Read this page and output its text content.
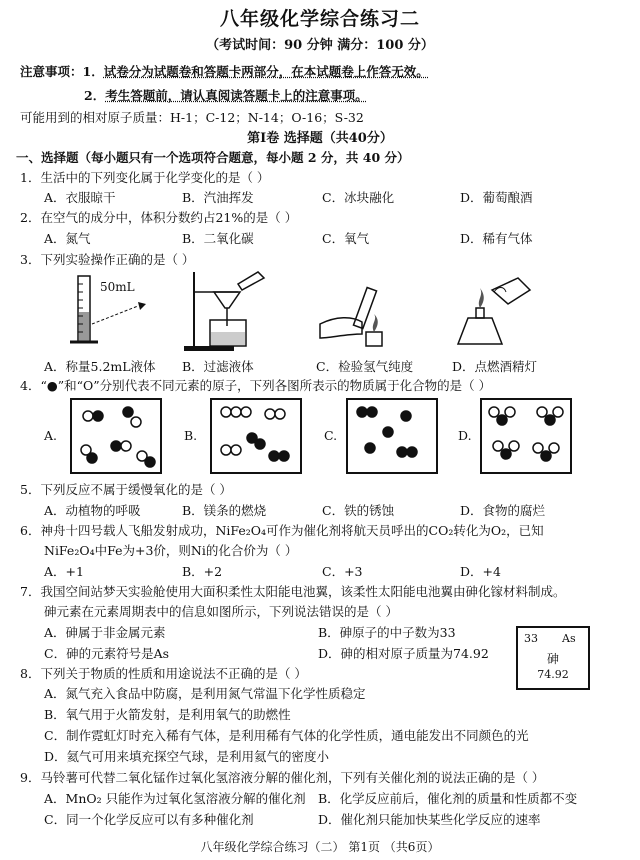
八年级化学综合练习二
（考试时间：90 分钟 满分：100 分）
注意事项：1．试卷分为试题卷和答题卡两部分，在本试题卷上作答无效。
2．考生答题前，请认真阅读答题卡上的注意事项。
可能用到的相对原子质量：H-1；C-12；N-14；O-16；S-32
第Ⅰ卷 选择题（共40分）
一、选择题（每小题只有一个选项符合题意，每小题 2 分，共 40 分）
1．生活中的下列变化属于化学变化的是（ ）
A．衣服晾干	B．汽油挥发	C．冰块融化	D．葡萄酿酒
2．在空气的成分中，体积分数约占21%的是（ ）
A．氮气	B．二氧化碳	C．氧气	D．稀有气体
3．下列实验操作正确的是（ ）
50mL
A．称量5.2mL液体 B．过滤液体	C．检验氢气纯度	D．点燃酒精灯
4．“●”和“O”分别代表不同元素的原子，下列各图所表示的物质属于化合物的是（ ）
A.	B.	C.	D.
5．下列反应不属于缓慢氧化的是（ ）
A．动植物的呼吸	B．镁条的燃烧	C．铁的锈蚀	D．食物的腐烂
6．神舟十四号载人飞船发射成功，NiFe₂O₄可作为催化剂将航天员呼出的CO₂转化为O₂，已知
NiFe₂O₄中Fe为+3价，则Ni的化合价为（ ）
A．+1	B．+2	C．+3	D．+4
7．我国空间站梦天实验舱使用大面积柔性太阳能电池翼，该柔性太阳能电池翼由砷化镓材料制成。
砷元素在元素周期表中的信息如图所示，下列说法错误的是（ ）
A．砷属于非金属元素	B．砷原子的中子数为33
C．砷的元素符号是As	D．砷的相对原子质量为74.92
33 As
砷
74.92
8．下列关于物质的性质和用途说法不正确的是（ ）
A．氮气充入食品中防腐，是利用氮气常温下化学性质稳定
B．氧气用于火箭发射，是利用氧气的助燃性
C．制作霓虹灯时充入稀有气体，是利用稀有气体的化学性质，通电能发出不同颜色的光
D．氦气可用来填充探空气球，是利用氦气的密度小
9．马铃薯可代替二氧化锰作过氧化氢溶液分解的催化剂，下列有关催化剂的说法正确的是（ ）
A．MnO₂ 只能作为过氧化氢溶液分解的催化剂 B．化学反应前后，催化剂的质量和性质都不变
C．同一个化学反应可以有多种催化剂	D．催化剂只能加快某些化学反应的速率
八年级化学综合练习（二） 第1页 （共6页）
